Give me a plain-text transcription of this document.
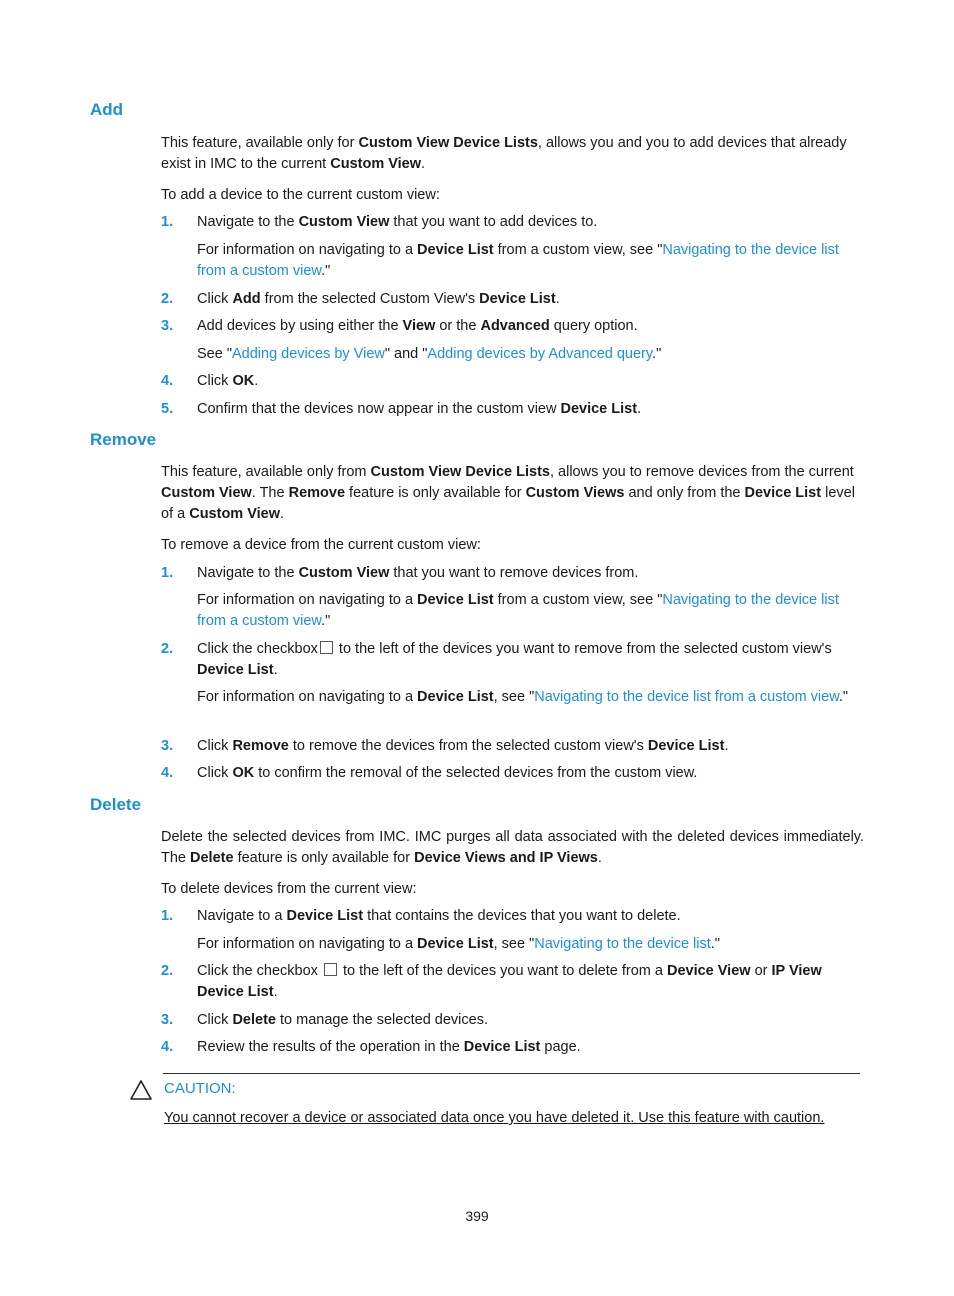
Add
This feature, available only for Custom View Device Lists, allows you and you to add devices that already exist in IMC to the current Custom View.
To add a device to the current custom view:
1. Navigate to the Custom View that you want to add devices to.
For information on navigating to a Device List from a custom view, see "Navigating to the device list from a custom view."
2. Click Add from the selected Custom View's Device List.
3. Add devices by using either the View or the Advanced query option.
See "Adding devices by View" and "Adding devices by Advanced query."
4. Click OK.
5. Confirm that the devices now appear in the custom view Device List.
Remove
This feature, available only from Custom View Device Lists, allows you to remove devices from the current Custom View. The Remove feature is only available for Custom Views and only from the Device List level of a Custom View.
To remove a device from the current custom view:
1. Navigate to the Custom View that you want to remove devices from.
For information on navigating to a Device List from a custom view, see "Navigating to the device list from a custom view."
2. Click the checkbox to the left of the devices you want to remove from the selected custom view's Device List.
For information on navigating to a Device List, see "Navigating to the device list from a custom view."
3. Click Remove to remove the devices from the selected custom view's Device List.
4. Click OK to confirm the removal of the selected devices from the custom view.
Delete
Delete the selected devices from IMC. IMC purges all data associated with the deleted devices immediately. The Delete feature is only available for Device Views and IP Views.
To delete devices from the current view:
1. Navigate to a Device List that contains the devices that you want to delete.
For information on navigating to a Device List, see "Navigating to the device list."
2. Click the checkbox  to the left of the devices you want to delete from a Device View or IP View Device List.
3. Click Delete to manage the selected devices.
4. Review the results of the operation in the Device List page.
CAUTION:
You cannot recover a device or associated data once you have deleted it. Use this feature with caution.
399
